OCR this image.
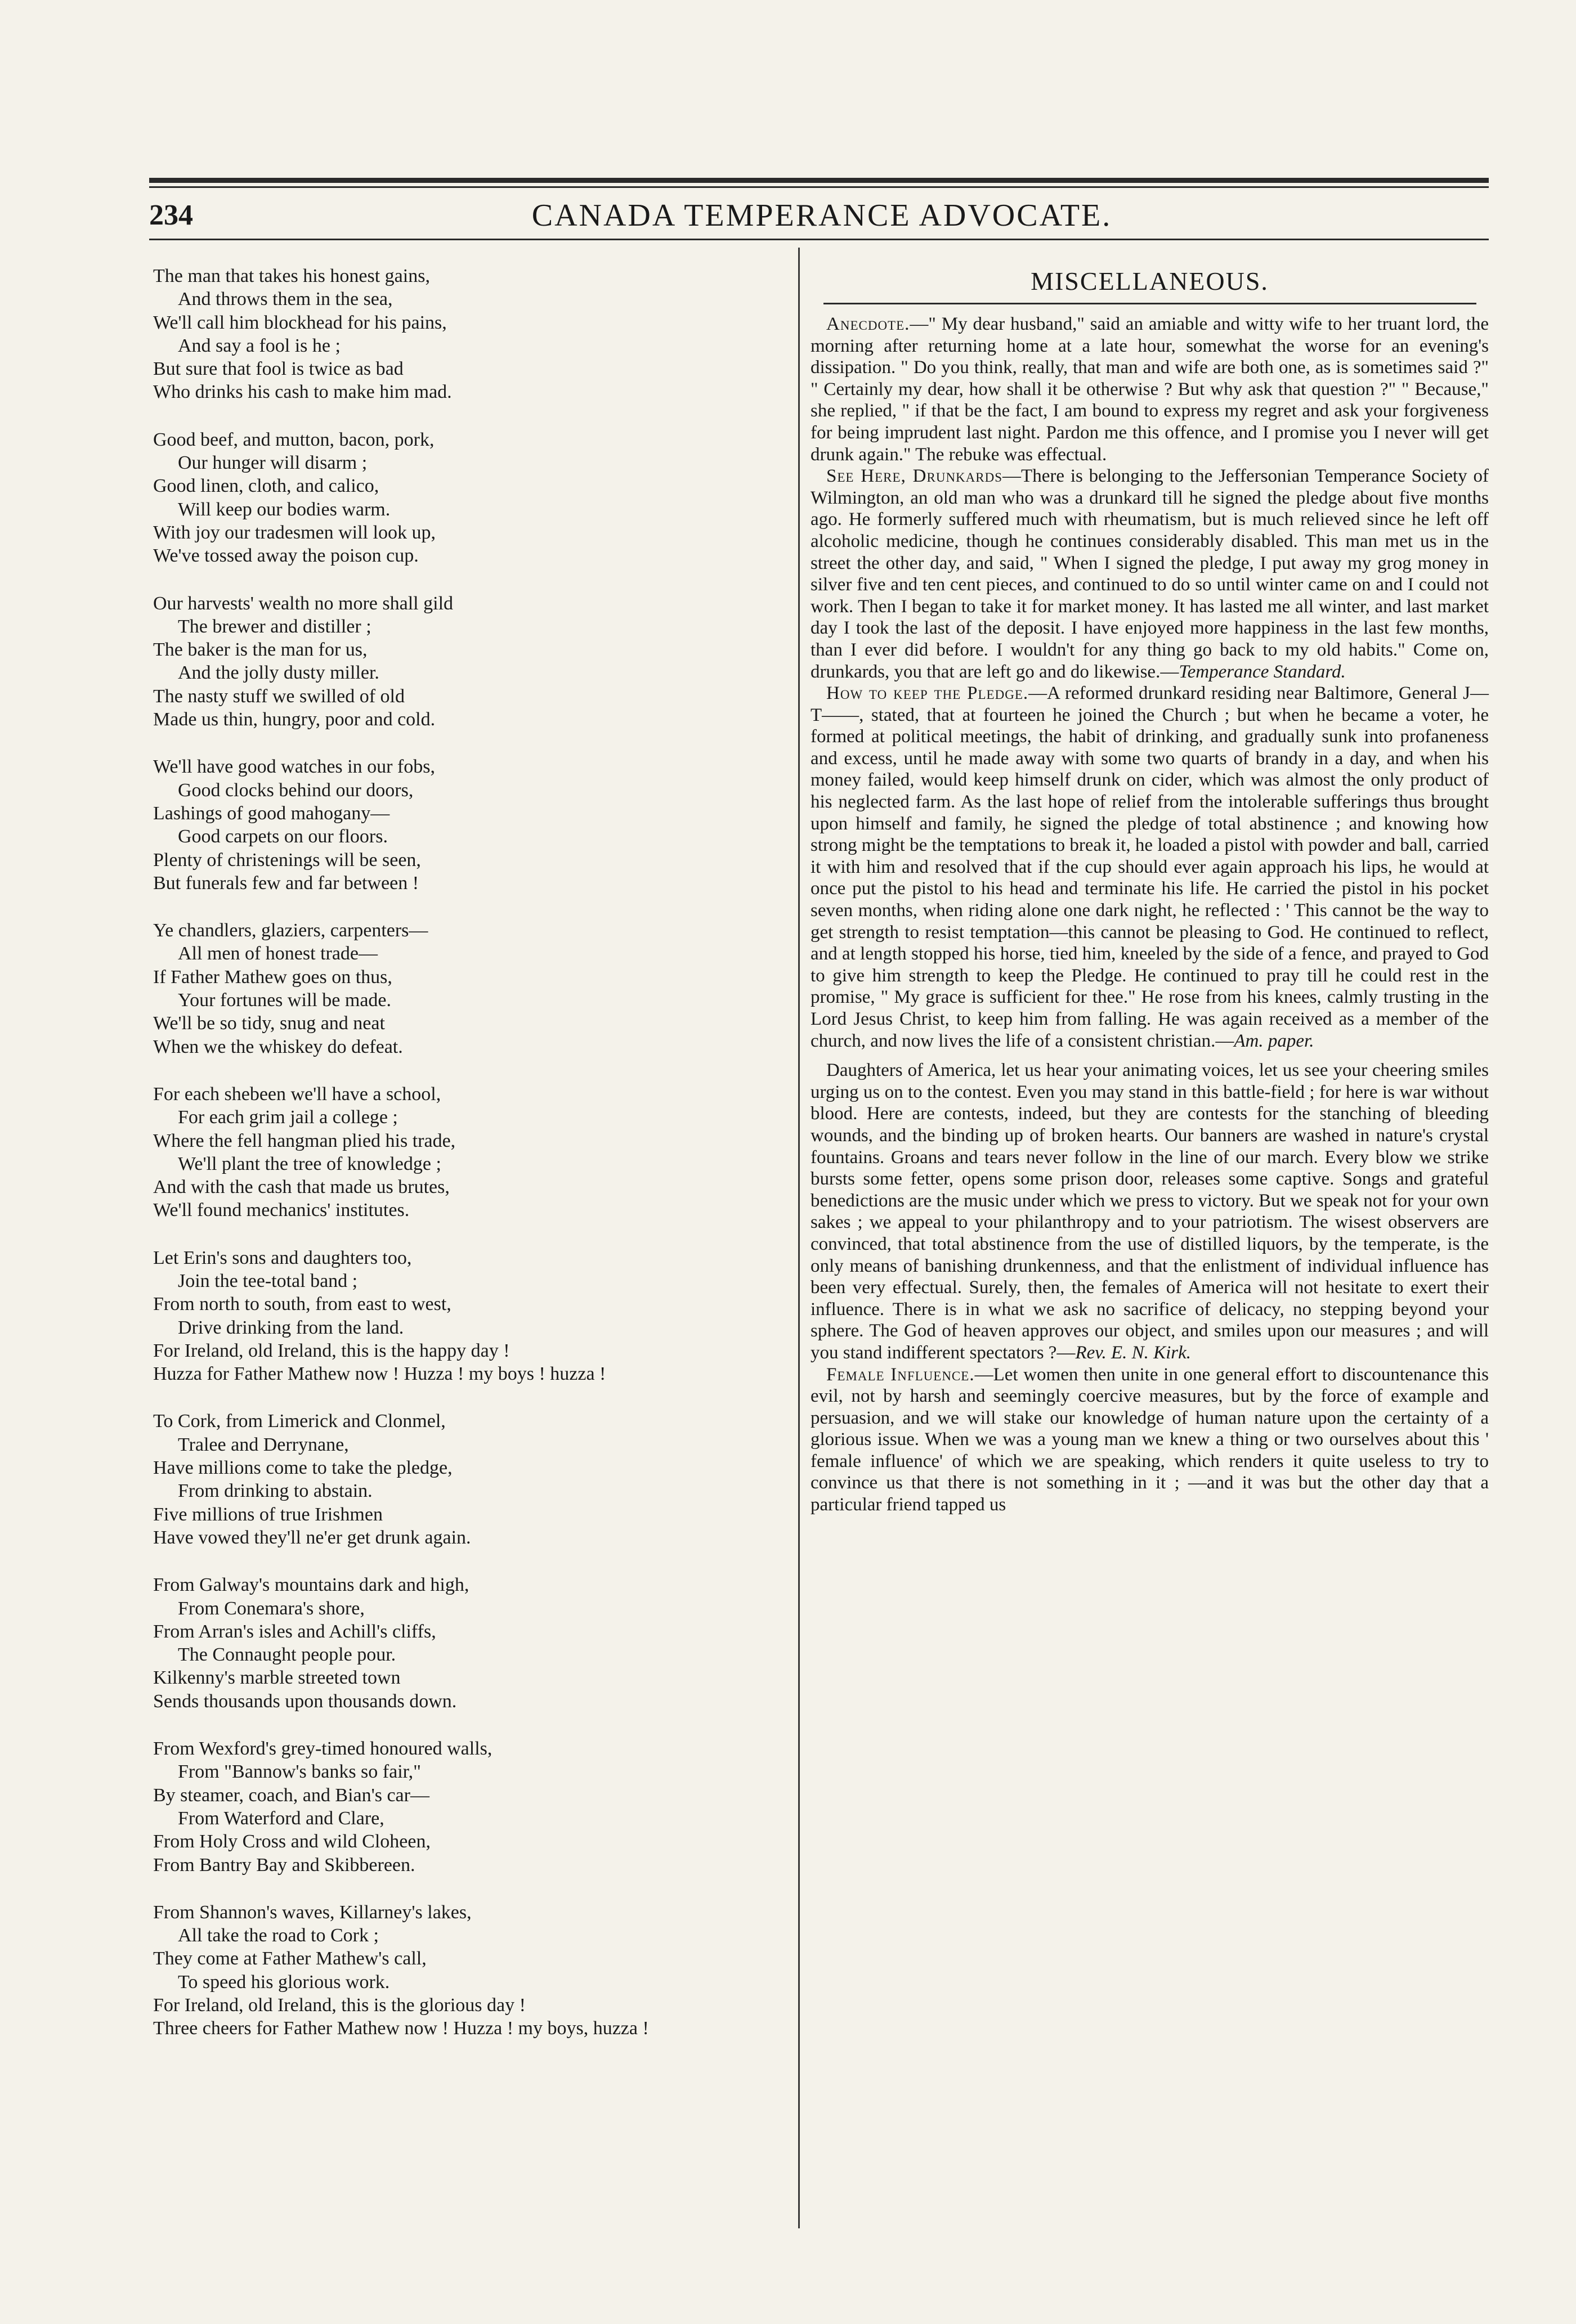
234	CANADA TEMPERANCE ADVOCATE.
The man that takes his honest gains,
And throws them in the sea,
We'll call him blockhead for his pains,
And say a fool is he ;
But sure that fool is twice as bad
Who drinks his cash to make him mad.
Good beef, and mutton, bacon, pork,
Our hunger will disarm ;
Good linen, cloth, and calico,
Will keep our bodies warm.
With joy our tradesmen will look up,
We've tossed away the poison cup.
Our harvests' wealth no more shall gild
The brewer and distiller ;
The baker is the man for us,
And the jolly dusty miller.
The nasty stuff we swilled of old
Made us thin, hungry, poor and cold.
We'll have good watches in our fobs,
Good clocks behind our doors,
Lashings of good mahogany—
Good carpets on our floors.
Plenty of christenings will be seen,
But funerals few and far between !
Ye chandlers, glaziers, carpenters—
All men of honest trade—
If Father Mathew goes on thus,
Your fortunes will be made.
We'll be so tidy, snug and neat
When we the whiskey do defeat.
For each shebeen we'll have a school,
For each grim jail a college ;
Where the fell hangman plied his trade,
We'll plant the tree of knowledge ;
And with the cash that made us brutes,
We'll found mechanics' institutes.
Let Erin's sons and daughters too,
Join the tee-total band ;
From north to south, from east to west,
Drive drinking from the land.
For Ireland, old Ireland, this is the happy day !
Huzza for Father Mathew now ! Huzza ! my boys ! huzza !
To Cork, from Limerick and Clonmel,
Tralee and Derrynane,
Have millions come to take the pledge,
From drinking to abstain.
Five millions of true Irishmen
Have vowed they'll ne'er get drunk again.
From Galway's mountains dark and high,
From Conemara's shore,
From Arran's isles and Achill's cliffs,
The Connaught people pour.
Kilkenny's marble streeted town
Sends thousands upon thousands down.
From Wexford's grey-timed honoured walls,
From "Bannow's banks so fair,"
By steamer, coach, and Bian's car—
From Waterford and Clare,
From Holy Cross and wild Cloheen,
From Bantry Bay and Skibbereen.
From Shannon's waves, Killarney's lakes,
All take the road to Cork ;
They come at Father Mathew's call,
To speed his glorious work.
For Ireland, old Ireland, this is the glorious day !
Three cheers for Father Mathew now ! Huzza ! my boys, huzza !
MISCELLANEOUS.

Anecdote.—" My dear husband," said an amiable and witty wife to her truant lord, the morning after returning home at a late hour, somewhat the worse for an evening's dissipation. " Do you think, really, that man and wife are both one, as is sometimes said ?" " Certainly my dear, how shall it be otherwise ? But why ask that question ?" " Because," she replied, " if that be the fact, I am bound to express my regret and ask your forgiveness for being imprudent last night. Pardon me this offence, and I promise you I never will get drunk again." The rebuke was effectual.

See Here, Drunkards—There is belonging to the Jeffersonian Temperance Society of Wilmington, an old man who was a drunkard till he signed the pledge about five months ago. He formerly suffered much with rheumatism, but is much relieved since he left off alcoholic medicine, though he continues considerably disabled. This man met us in the street the other day, and said, " When I signed the pledge, I put away my grog money in silver five and ten cent pieces, and continued to do so until winter came on and I could not work. Then I began to take it for market money. It has lasted me all winter, and last market day I took the last of the deposit. I have enjoyed more happiness in the last few months, than I ever did before. I wouldn't for any thing go back to my old habits." Come on, drunkards, you that are left go and do likewise.—Temperance Standard.

How to keep the Pledge.—A reformed drunkard residing near Baltimore, General J— T——, stated, that at fourteen he joined the Church ; but when he became a voter, he formed at political meetings, the habit of drinking, and gradually sunk into profaneness and excess, until he made away with some two quarts of brandy in a day, and when his money failed, would keep himself drunk on cider, which was almost the only product of his neglected farm. As the last hope of relief from the intolerable sufferings thus brought upon himself and family, he signed the pledge of total abstinence ; and knowing how strong might be the temptations to break it, he loaded a pistol with powder and ball, carried it with him and resolved that if the cup should ever again approach his lips, he would at once put the pistol to his head and terminate his life. He carried the pistol in his pocket seven months, when riding alone one dark night, he reflected : ' This cannot be the way to get strength to resist temptation—this cannot be pleasing to God. He continued to reflect, and at length stopped his horse, tied him, kneeled by the side of a fence, and prayed to God to give him strength to keep the Pledge. He continued to pray till he could rest in the promise, " My grace is sufficient for thee." He rose from his knees, calmly trusting in the Lord Jesus Christ, to keep him from falling. He was again received as a member of the church, and now lives the life of a consistent christian.—Am. paper.

Daughters of America, let us hear your animating voices, let us see your cheering smiles urging us on to the contest. Even you may stand in this battle-field ; for here is war without blood. Here are contests, indeed, but they are contests for the stanching of bleeding wounds, and the binding up of broken hearts. Our banners are washed in nature's crystal fountains. Groans and tears never follow in the line of our march. Every blow we strike bursts some fetter, opens some prison door, releases some captive. Songs and grateful benedictions are the music under which we press to victory. But we speak not for your own sakes ; we appeal to your philanthropy and to your patriotism. The wisest observers are convinced, that total abstinence from the use of distilled liquors, by the temperate, is the only means of banishing drunkenness, and that the enlistment of individual influence has been very effectual. Surely, then, the females of America will not hesitate to exert their influence. There is in what we ask no sacrifice of delicacy, no stepping beyond your sphere. The God of heaven approves our object, and smiles upon our measures ; and will you stand indifferent spectators ?—Rev. E. N. Kirk.

Female Influence.—Let women then unite in one general effort to discountenance this evil, not by harsh and seemingly coercive measures, but by the force of example and persuasion, and we will stake our knowledge of human nature upon the certainty of a glorious issue. When we was a young man we knew a thing or two ourselves about this ' female influence' of which we are speaking, which renders it quite useless to try to convince us that there is not something in it ; —and it was but the other day that a particular friend tapped us
